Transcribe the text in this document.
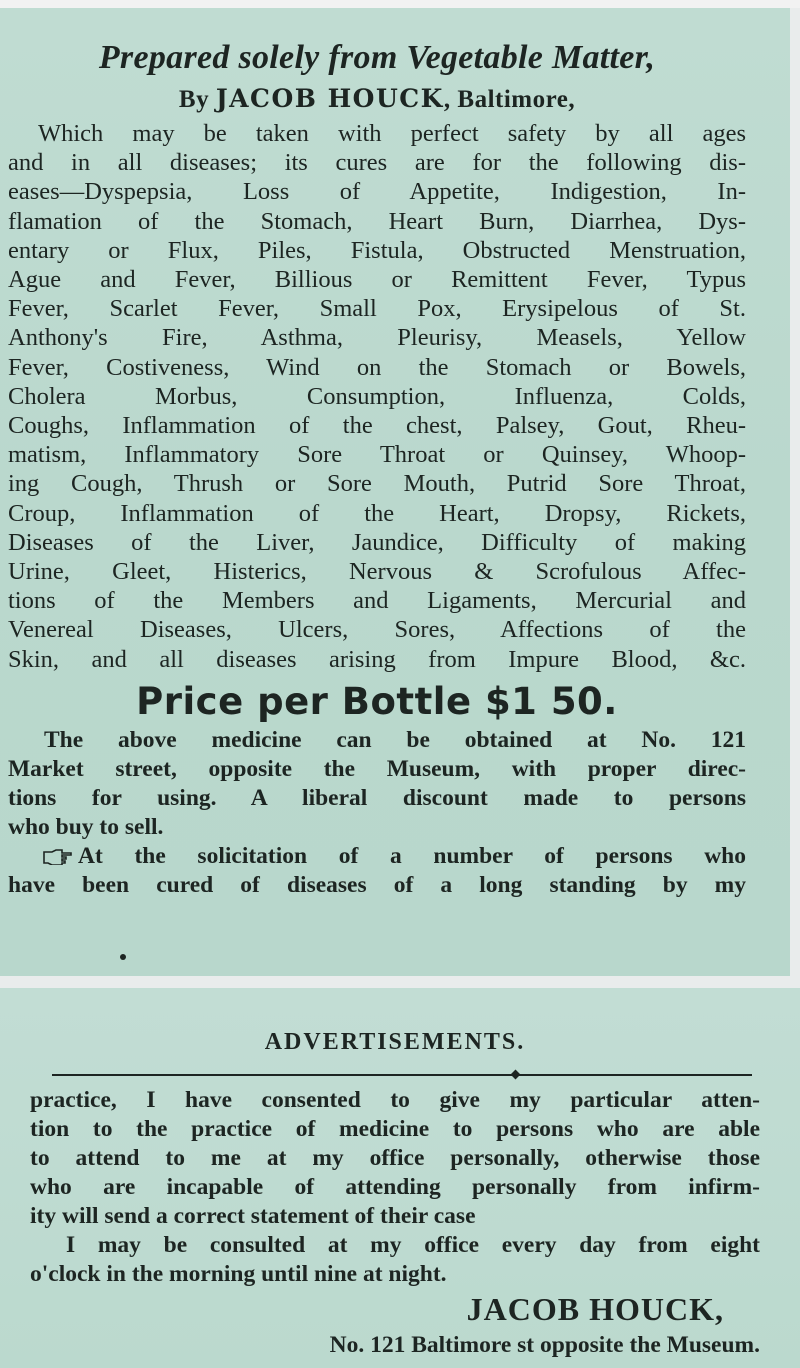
Prepared solely from Vegetable Matter,
By JACOB HOUCK, Baltimore,
Which may be taken with perfect safety by all ages
and in all diseases; its cures are for the following dis-
eases—Dyspepsia, Loss of Appetite, Indigestion, In-
flamation of the Stomach, Heart Burn, Diarrhea, Dys-
entary or Flux, Piles, Fistula, Obstructed Menstruation,
Ague and Fever, Billious or Remittent Fever, Typus
Fever, Scarlet Fever, Small Pox, Erysipelous of St.
Anthony's Fire, Asthma, Pleurisy, Measels, Yellow
Fever, Costiveness, Wind on the Stomach or Bowels,
Cholera Morbus, Consumption, Influenza, Colds,
Coughs, Inflammation of the chest, Palsey, Gout, Rheu-
matism, Inflammatory Sore Throat or Quinsey, Whoop-
ing Cough, Thrush or Sore Mouth, Putrid Sore Throat,
Croup, Inflammation of the Heart, Dropsy, Rickets,
Diseases of the Liver, Jaundice, Difficulty of making
Urine, Gleet, Histerics, Nervous & Scrofulous Affec-
tions of the Members and Ligaments, Mercurial and
Venereal Diseases, Ulcers, Sores, Affections of the
Skin, and all diseases arising from Impure Blood, &c.
Price per Bottle $1 50.
The above medicine can be obtained at No. 121
Market street, opposite the Museum, with proper direc-
tions for using. A liberal discount made to persons
who buy to sell.
At the solicitation of a number of persons who
have been cured of diseases of a long standing by my
ADVERTISEMENTS.
practice, I have consented to give my particular atten-
tion to the practice of medicine to persons who are able
to attend to me at my office personally, otherwise those
who are incapable of attending personally from infirm-
ity will send a correct statement of their case
I may be consulted at my office every day from eight
o'clock in the morning until nine at night.
JACOB HOUCK,
No. 121 Baltimore st opposite the Museum.
